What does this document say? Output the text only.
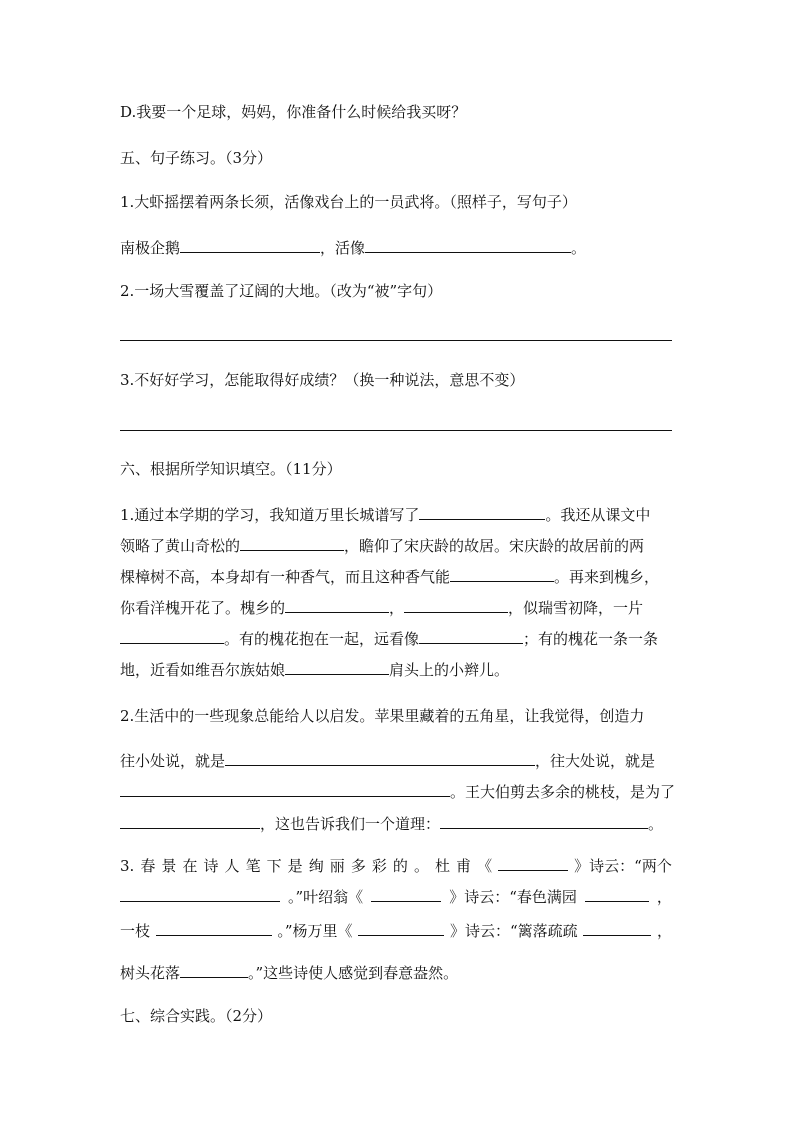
D.我要一个足球，妈妈，你准备什么时候给我买呀？
五、句子练习。（3分）
1.大虾摇摆着两条长须，活像戏台上的一员武将。（照样子，写句子）
南极企鹅	，活像	。
2.一场大雪覆盖了辽阔的大地。（改为“被”字句）
3.不好好学习，怎能取得好成绩？（换一种说法，意思不变）
六、根据所学知识填空。（11分）
1.通过本学期的学习，我知道万里长城谱写了	。我还从课文中
领略了黄山奇松的	，瞻仰了宋庆龄的故居。宋庆龄的故居前的两
棵樟树不高，本身却有一种香气，而且这种香气能	。再来到槐乡，
你看洋槐开花了。槐乡的	，	，似瑞雪初降，一片
。有的槐花抱在一起，远看像	；有的槐花一条一条
地，近看如维吾尔族姑娘	肩头上的小辫儿。
2.生活中的一些现象总能给人以启发。苹果里藏着的五角星，让我觉得，创造力
往小处说，就是	，往大处说，就是
。王大伯剪去多余的桃枝，是为了
，这也告诉我们一个道理：	。
3. 春 景 在 诗 人 笔 下 是 绚 丽 多 彩 的 。 杜 甫 《	》诗云：“两个
。”叶绍翁《	》诗云：“春色满园	，
一枝	。”杨万里《	》诗云：“篱落疏疏	，
树头花落	。”这些诗使人感觉到春意盎然。
七、综合实践。（2分）
